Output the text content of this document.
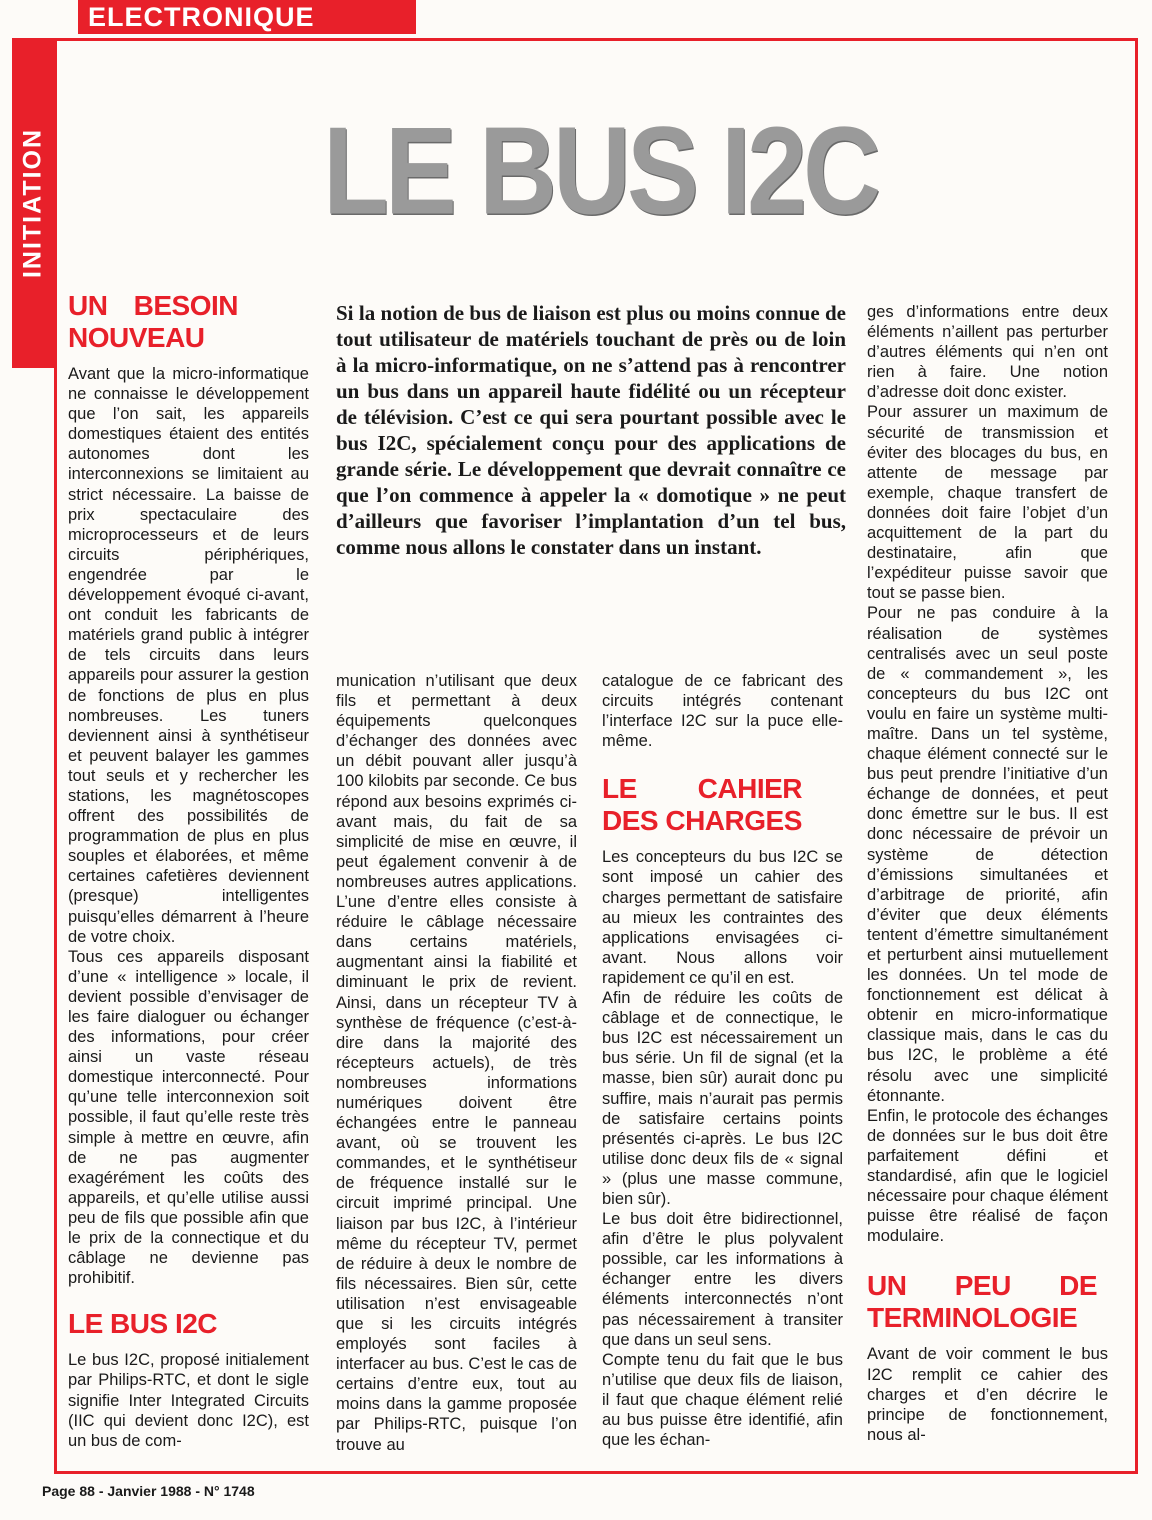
ELECTRONIQUE
INITIATION	LE BUS I2C
Si la notion de bus de liaison est plus ou moins connue de tout utilisateur de matériels touchant de près ou de loin à la micro-informatique, on ne s’attend pas à rencontrer un bus dans un appareil haute fidélité ou un récepteur de télévision. C’est ce qui sera pourtant possible avec le bus I2C, spécialement conçu pour des applications de grande série. Le développement que devrait connaître ce que l’on commence à appeler la « domotique » ne peut d’ailleurs que favoriser l’implantation d’un tel bus, comme nous allons le constater dans un instant.
UN BESOIN NOUVEAU

Avant que la micro-informatique ne connaisse le développement que l’on sait, les appareils domestiques étaient des entités autonomes dont les interconnexions se limitaient au strict nécessaire. La baisse de prix spectaculaire des microprocesseurs et de leurs circuits périphériques, engendrée par le développement évoqué ci-avant, ont conduit les fabricants de matériels grand public à intégrer de tels circuits dans leurs appareils pour assurer la gestion de fonctions de plus en plus nombreuses. Les tuners deviennent ainsi à synthétiseur et peuvent balayer les gammes tout seuls et y rechercher les stations, les magnétoscopes offrent des possibilités de programmation de plus en plus souples et élaborées, et même certaines cafetières deviennent (presque) intelligentes puisqu’elles démarrent à l’heure de votre choix.

Tous ces appareils disposant d’une « intelligence » locale, il devient possible d’envisager de les faire dialoguer ou échanger des informations, pour créer ainsi un vaste réseau domestique interconnecté. Pour qu’une telle interconnexion soit possible, il faut qu’elle reste très simple à mettre en œuvre, afin de ne pas augmenter exagérément les coûts des appareils, et qu’elle utilise aussi peu de fils que possible afin que le prix de la connectique et du câblage ne devienne pas prohibitif.

LE BUS I2C

Le bus I2C, proposé initialement par Philips-RTC, et dont le sigle signifie Inter Integrated Circuits (IIC qui devient donc I2C), est un bus de com-

munication n’utilisant que deux fils et permettant à deux équipements quelconques d’échanger des données avec un débit pouvant aller jusqu’à 100 kilobits par seconde. Ce bus répond aux besoins exprimés ci-avant mais, du fait de sa simplicité de mise en œuvre, il peut également convenir à de nombreuses autres applications. L’une d’entre elles consiste à réduire le câblage nécessaire dans certains matériels, augmentant ainsi la fiabilité et diminuant le prix de revient. Ainsi, dans un récepteur TV à synthèse de fréquence (c’est-à-dire dans la majorité des récepteurs actuels), de très nombreuses informations numériques doivent être échangées entre le panneau avant, où se trouvent les commandes, et le synthétiseur de fréquence installé sur le circuit imprimé principal. Une liaison par bus I2C, à l’intérieur même du récepteur TV, permet de réduire à deux le nombre de fils nécessaires. Bien sûr, cette utilisation n’est envisageable que si les circuits intégrés employés sont faciles à interfacer au bus. C’est le cas de certains d’entre eux, tout au moins dans la gamme proposée par Philips-RTC, puisque l’on trouve au

catalogue de ce fabricant des circuits intégrés contenant l’interface I2C sur la puce elle-même.

LE CAHIER DES CHARGES

Les concepteurs du bus I2C se sont imposé un cahier des charges permettant de satisfaire au mieux les contraintes des applications envisagées ci-avant. Nous allons voir rapidement ce qu’il en est.

Afin de réduire les coûts de câblage et de connectique, le bus I2C est nécessairement un bus série. Un fil de signal (et la masse, bien sûr) aurait donc pu suffire, mais n’aurait pas permis de satisfaire certains points présentés ci-après. Le bus I2C utilise donc deux fils de « signal » (plus une masse commune, bien sûr).

Le bus doit être bidirectionnel, afin d’être le plus polyvalent possible, car les informations à échanger entre les divers éléments interconnectés n’ont pas nécessairement à transiter que dans un seul sens.

Compte tenu du fait que le bus n’utilise que deux fils de liaison, il faut que chaque élément relié au bus puisse être identifié, afin que les échan-

ges d’informations entre deux éléments n’aillent pas perturber d’autres éléments qui n’en ont rien à faire. Une notion d’adresse doit donc exister.

Pour assurer un maximum de sécurité de transmission et éviter des blocages du bus, en attente de message par exemple, chaque transfert de données doit faire l’objet d’un acquittement de la part du destinataire, afin que l’expéditeur puisse savoir que tout se passe bien.

Pour ne pas conduire à la réalisation de systèmes centralisés avec un seul poste de « commandement », les concepteurs du bus I2C ont voulu en faire un système multi-maître. Dans un tel système, chaque élément connecté sur le bus peut prendre l’initiative d’un échange de données, et peut donc émettre sur le bus. Il est donc nécessaire de prévoir un système de détection d’émissions simultanées et d’arbitrage de priorité, afin d’éviter que deux éléments tentent d’émettre simultanément et perturbent ainsi mutuellement les données. Un tel mode de fonctionnement est délicat à obtenir en micro-informatique classique mais, dans le cas du bus I2C, le problème a été résolu avec une simplicité étonnante.

Enfin, le protocole des échanges de données sur le bus doit être parfaitement défini et standardisé, afin que le logiciel nécessaire pour chaque élément puisse être réalisé de façon modulaire.

UN PEU DE TERMINOLOGIE

Avant de voir comment le bus I2C remplit ce cahier des charges et d’en décrire le principe de fonctionnement, nous al-

Page 88 - Janvier 1988 - N° 1748
